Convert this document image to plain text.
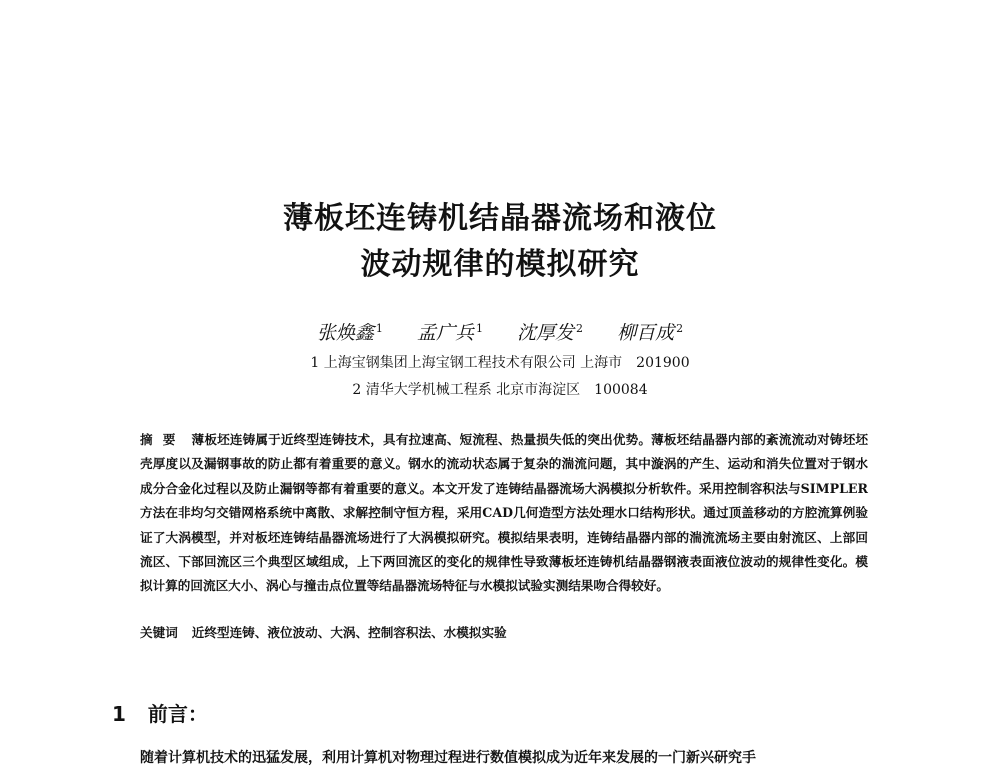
薄板坯连铸机结晶器流场和液位
波动规律的模拟研究
张焕鑫 $^1$ 孟广兵 $^1$ 沈厚发 $^2$ 柳百成 $^2$
1 上海宝钢集团上海宝钢工程技术有限公司 上海市　201900
2 清华大学机械工程系 北京市海淀区　100084
摘要 薄板坯连铸属于近终型连铸技术，具有拉速高、短流程、热量损失低的突出优势。薄板坯结晶器内部的紊流流动对铸坯坯壳厚度以及漏钢事故的防止都有着重要的意义。钢水的流动状态属于复杂的湍流问题，其中漩涡的产生、运动和消失位置对于钢水成分合金化过程以及防止漏钢等都有着重要的意义。本文开发了连铸结晶器流场大涡模拟分析软件。采用控制容积法与SIMPLER方法在非均匀交错网格系统中离散、求解控制守恒方程，采用CAD几何造型方法处理水口结构形状。通过顶盖移动的方腔流算例验证了大涡模型，并对板坯连铸结晶器流场进行了大涡模拟研究。模拟结果表明，连铸结晶器内部的湍流流场主要由射流区、上部回流区、下部回流区三个典型区域组成，上下两回流区的变化的规律性导致薄板坯连铸机结晶器钢液表面液位波动的规律性变化。模拟计算的回流区大小、涡心与撞击点位置等结晶器流场特征与水模拟试验实测结果吻合得较好。
关键词 近终型连铸、液位波动、大涡、控制容积法、水模拟实验
1 前言：
随着计算机技术的迅猛发展，利用计算机对物理过程进行数值模拟成为近年来发展的一门新兴研究手
